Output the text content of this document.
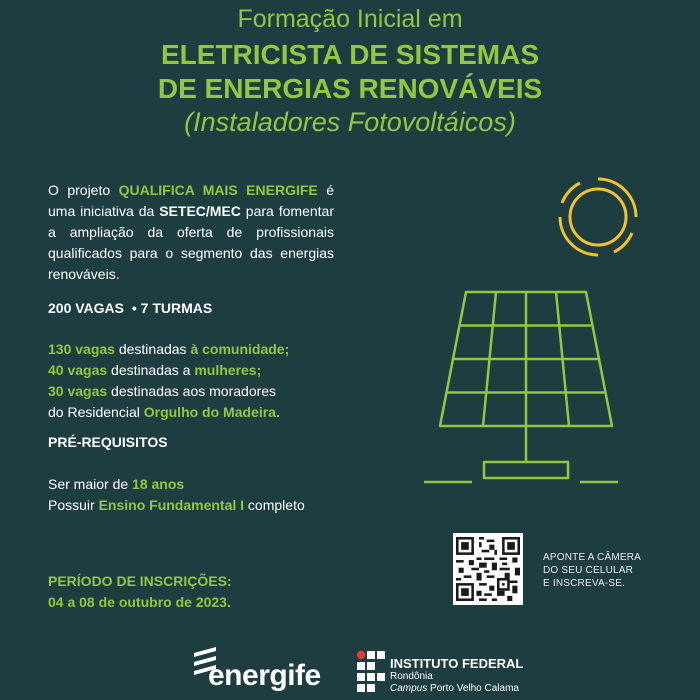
Formação Inicial em
ELETRICISTA DE SISTEMAS
DE ENERGIAS RENOVÁVEIS
(Instaladores Fotovoltáicos)
O projeto QUALIFICA MAIS ENERGIFE é uma iniciativa da SETEC/MEC para fomentar a ampliação da oferta de profissionais qualificados para o segmento das energias renováveis.
200 VAGAS • 7 TURMAS
130 vagas destinadas à comunidade;
40 vagas destinadas a mulheres;
30 vagas destinadas aos moradores
do Residencial Orgulho do Madeira.
PRÉ-REQUISITOS
Ser maior de 18 anos
Possuir Ensino Fundamental I completo
PERÍODO DE INSCRIÇÕES:
04 a 08 de outubro de 2023.
APONTE A CÂMERA
DO SEU CELULAR
E INSCREVA-SE.
energife	INSTITUTO FEDERAL
Rondônia
Campus Porto Velho Calama
